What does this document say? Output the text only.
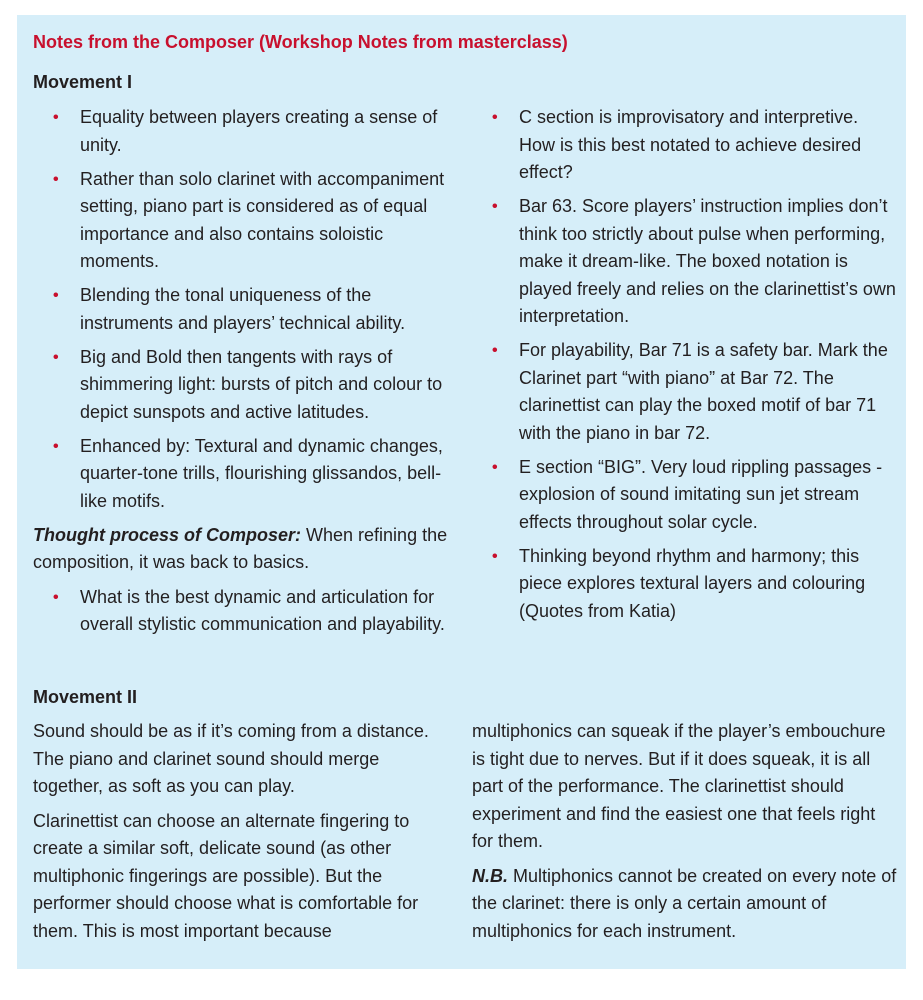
Notes from the Composer (Workshop Notes from masterclass)
Movement I
• Equality between players creating a sense of unity.
• Rather than solo clarinet with accompaniment setting, piano part is considered as of equal importance and also contains soloistic moments.
• Blending the tonal uniqueness of the instruments and players’ technical ability.
• Big and Bold then tangents with rays of shimmering light: bursts of pitch and colour to depict sunspots and active latitudes.
• Enhanced by: Textural and dynamic changes, quarter-tone trills, flourishing glissandos, bell-like motifs.

Thought process of Composer: When refining the composition, it was back to basics.

• What is the best dynamic and articulation for overall stylistic communication and playability.
• C section is improvisatory and interpretive. How is this best notated to achieve desired effect?
• Bar 63. Score players’ instruction implies don’t think too strictly about pulse when performing, make it dream-like. The boxed notation is played freely and relies on the clarinettist’s own interpretation.
• For playability, Bar 71 is a safety bar. Mark the Clarinet part “with piano” at Bar 72. The clarinettist can play the boxed motif of bar 71 with the piano in bar 72.
• E section “BIG”. Very loud rippling passages - explosion of sound imitating sun jet stream effects throughout solar cycle.
• Thinking beyond rhythm and harmony; this piece explores textural layers and colouring (Quotes from Katia)
Movement II

Sound should be as if it’s coming from a distance. The piano and clarinet sound should merge together, as soft as you can play.

Clarinettist can choose an alternate fingering to create a similar soft, delicate sound (as other multiphonic fingerings are possible). But the performer should choose what is comfortable for them. This is most important because

multiphonics can squeak if the player’s embouchure is tight due to nerves. But if it does squeak, it is all part of the performance. The clarinettist should experiment and find the easiest one that feels right for them.

N.B. Multiphonics cannot be created on every note of the clarinet: there is only a certain amount of multiphonics for each instrument.
